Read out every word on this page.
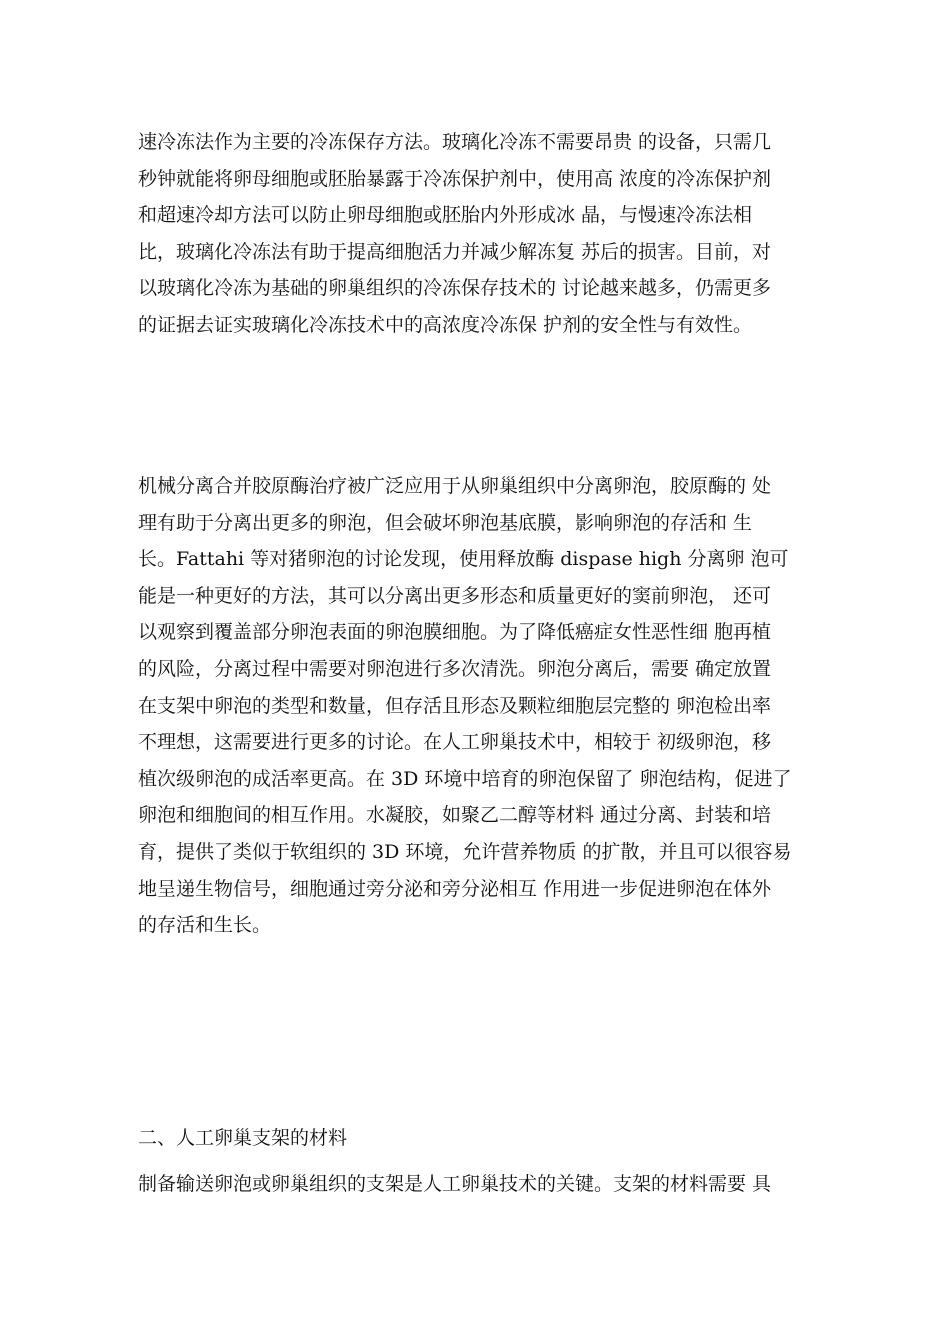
速冷冻法作为主要的冷冻保存方法。玻璃化冷冻不需要昂贵 的设备，只需几
秒钟就能将卵母细胞或胚胎暴露于冷冻保护剂中，使用高 浓度的冷冻保护剂
和超速冷却方法可以防止卵母细胞或胚胎内外形成冰 晶，与慢速冷冻法相
比，玻璃化冷冻法有助于提高细胞活力并减少解冻复 苏后的损害。目前，对
以玻璃化冷冻为基础的卵巢组织的冷冻保存技术的 讨论越来越多，仍需更多
的证据去证实玻璃化冷冻技术中的高浓度冷冻保 护剂的安全性与有效性。
机械分离合并胶原酶治疗被广泛应用于从卵巢组织中分离卵泡，胶原酶的 处
理有助于分离出更多的卵泡，但会破坏卵泡基底膜，影响卵泡的存活和 生
长。Fattahi 等对猪卵泡的讨论发现，使用释放酶 dispase high 分离卵 泡可
能是一种更好的方法，其可以分离出更多形态和质量更好的窦前卵泡， 还可
以观察到覆盖部分卵泡表面的卵泡膜细胞。为了降低癌症女性恶性细 胞再植
的风险，分离过程中需要对卵泡进行多次清洗。卵泡分离后，需要 确定放置
在支架中卵泡的类型和数量，但存活且形态及颗粒细胞层完整的 卵泡检出率
不理想，这需要进行更多的讨论。在人工卵巢技术中，相较于 初级卵泡，移
植次级卵泡的成活率更高。在 3D 环境中培育的卵泡保留了 卵泡结构，促进了
卵泡和细胞间的相互作用。水凝胶，如聚乙二醇等材料 通过分离、封装和培
育，提供了类似于软组织的 3D 环境，允许营养物质 的扩散，并且可以很容易
地呈递生物信号，细胞通过旁分泌和旁分泌相互 作用进一步促进卵泡在体外
的存活和生长。
二、人工卵巢支架的材料
制备输送卵泡或卵巢组织的支架是人工卵巢技术的关键。支架的材料需要 具
